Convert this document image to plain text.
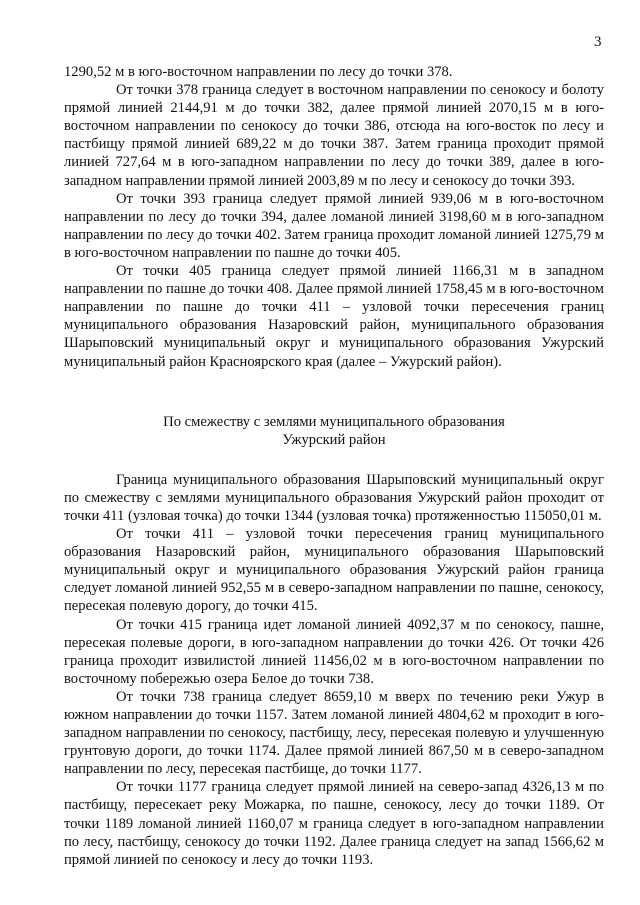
3

1290,52 м в юго-восточном направлении по лесу до точки 378.

От точки 378 граница следует в восточном направлении по сенокосу и болоту прямой линией 2144,91 м до точки 382, далее прямой линией 2070,15 м в юго-восточном направлении по сенокосу до точки 386, отсюда на юго-восток по лесу и пастбищу прямой линией 689,22 м до точки 387. Затем граница проходит прямой линией 727,64 м в юго-западном направлении по лесу до точки 389, далее в юго-западном направлении прямой линией 2003,89 м по лесу и сенокосу до точки 393.

От точки 393 граница следует прямой линией 939,06 м в юго-восточном направлении по лесу до точки 394, далее ломаной линией 3198,60 м в юго-западном направлении по лесу до точки 402. Затем граница проходит ломаной линией 1275,79 м в юго-восточном направлении по пашне до точки 405.

От точки 405 граница следует прямой линией 1166,31 м в западном направлении по пашне до точки 408. Далее прямой линией 1758,45 м в юго-восточном направлении по пашне до точки 411 – узловой точки пересечения границ муниципального образования Назаровский район, муниципального образования Шарыповский муниципальный округ и муниципального образования Ужурский муниципальный район Красноярского края (далее – Ужурский район).

По смежеству с землями муниципального образования
Ужурский район

Граница муниципального образования Шарыповский муниципальный округ по смежеству с землями муниципального образования Ужурский район проходит от точки 411 (узловая точка) до точки 1344 (узловая точка) протяженностью 115050,01 м.

От точки 411 – узловой точки пересечения границ муниципального образования Назаровский район, муниципального образования Шарыповский муниципальный округ и муниципального образования Ужурский район граница следует ломаной линией 952,55 м в северо-западном направлении по пашне, сенокосу, пересекая полевую дорогу, до точки 415.

От точки 415 граница идет ломаной линией 4092,37 м по сенокосу, пашне, пересекая полевые дороги, в юго-западном направлении до точки 426. От точки 426 граница проходит извилистой линией 11456,02 м в юго-восточном направлении по восточному побережью озера Белое до точки 738.

От точки 738 граница следует 8659,10 м вверх по течению реки Ужур в южном направлении до точки 1157. Затем ломаной линией 4804,62 м проходит в юго-западном направлении по сенокосу, пастбищу, лесу, пересекая полевую и улучшенную грунтовую дороги, до точки 1174. Далее прямой линией 867,50 м в северо-западном направлении по лесу, пересекая пастбище, до точки 1177.

От точки 1177 граница следует прямой линией на северо-запад 4326,13 м по пастбищу, пересекает реку Можарка, по пашне, сенокосу, лесу до точки 1189. От точки 1189 ломаной линией 1160,07 м граница следует в юго-западном направлении по лесу, пастбищу, сенокосу до точки 1192. Далее граница следует на запад 1566,62 м прямой линией по сенокосу и лесу до точки 1193.
